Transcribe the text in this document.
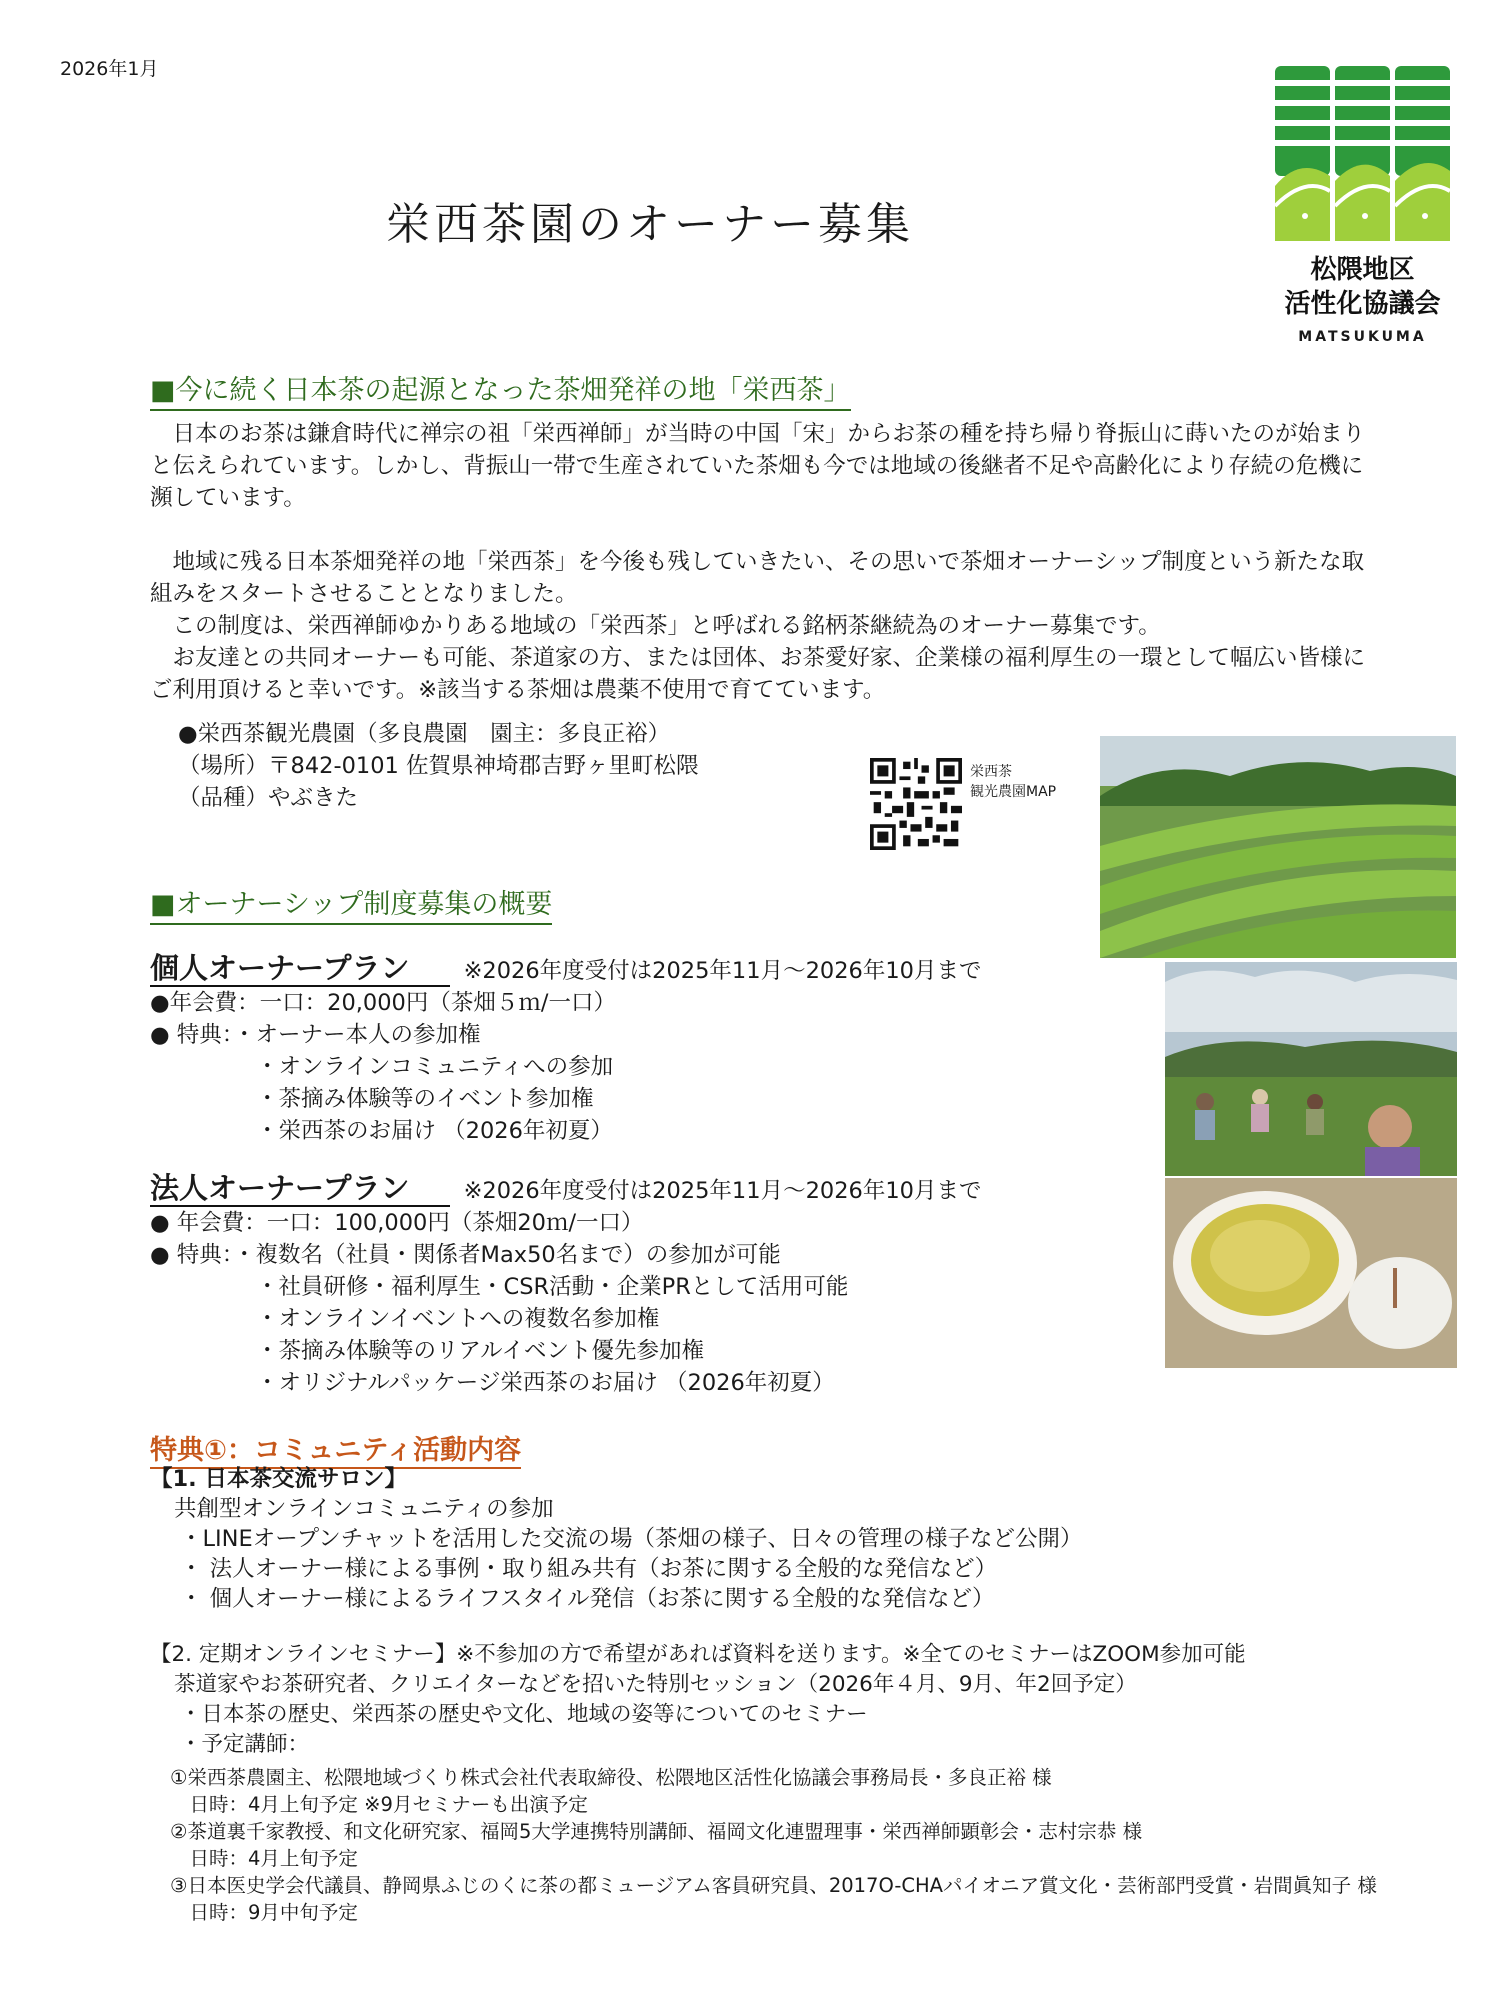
2026年1月
栄西茶園のオーナー募集
松隈地区
活性化協議会
MATSUKUMA
■今に続く日本茶の起源となった茶畑発祥の地「栄西茶」

日本のお茶は鎌倉時代に禅宗の祖「栄西禅師」が当時の中国「宋」からお茶の種を持ち帰り脊振山に蒔いたのが始まりと伝えられています。しかし、背振山一帯で生産されていた茶畑も今では地域の後継者不足や高齢化により存続の危機に瀕しています。

地域に残る日本茶畑発祥の地「栄西茶」を今後も残していきたい、その思いで茶畑オーナーシップ制度という新たな取組みをスタートさせることとなりました。

この制度は、栄西禅師ゆかりある地域の「栄西茶」と呼ばれる銘柄茶継続為のオーナー募集です。

お友達との共同オーナーも可能、茶道家の方、または団体、お茶愛好家、企業様の福利厚生の一環として幅広い皆様にご利用頂けると幸いです。※該当する茶畑は農薬不使用で育てています。

●栄西茶観光農園（多良農園　園主：多良正裕）
（場所）〒842-0101 佐賀県神埼郡吉野ヶ里町松隈
（品種）やぶきた
栄西茶
観光農園MAP
■オーナーシップ制度募集の概要
個人オーナープラン ※2026年度受付は2025年11月～2026年10月まで
●年会費：一口：20,000円（茶畑５ｍ/一口）
● 特典：・オーナー本人の参加権
・オンラインコミュニティへの参加
・茶摘み体験等のイベント参加権
・栄西茶のお届け （2026年初夏）
法人オーナープラン ※2026年度受付は2025年11月～2026年10月まで
● 年会費：一口：100,000円（茶畑20ｍ/一口）
● 特典：・複数名（社員・関係者Max50名まで）の参加が可能
・社員研修・福利厚生・CSR活動・企業PRとして活用可能
・オンラインイベントへの複数名参加権
・茶摘み体験等のリアルイベント優先参加権
・オリジナルパッケージ栄西茶のお届け （2026年初夏）
特典①：コミュニティ活動内容
【1. 日本茶交流サロン】
共創型オンラインコミュニティの参加
・LINEオープンチャットを活用した交流の場（茶畑の様子、日々の管理の様子など公開）
・ 法人オーナー様による事例・取り組み共有（お茶に関する全般的な発信など）
・ 個人オーナー様によるライフスタイル発信（お茶に関する全般的な発信など）
【2. 定期オンラインセミナー】※不参加の方で希望があれば資料を送ります。※全てのセミナーはZOOM参加可能
茶道家やお茶研究者、クリエイターなどを招いた特別セッション（2026年４月、9月、年2回予定）
・日本茶の歴史、栄西茶の歴史や文化、地域の姿等についてのセミナー
・予定講師：
①栄西茶農園主、松隈地域づくり株式会社代表取締役、松隈地区活性化協議会事務局長・多良正裕 様
　日時：4月上旬予定 ※9月セミナーも出演予定
②茶道裏千家教授、和文化研究家、福岡5大学連携特別講師、福岡文化連盟理事・栄西禅師顕彰会・志村宗恭 様
　日時：4月上旬予定
③日本医史学会代議員、静岡県ふじのくに茶の都ミュージアム客員研究員、2017O-CHAパイオニア賞文化・芸術部門受賞・岩間眞知子 様
　日時：9月中旬予定
